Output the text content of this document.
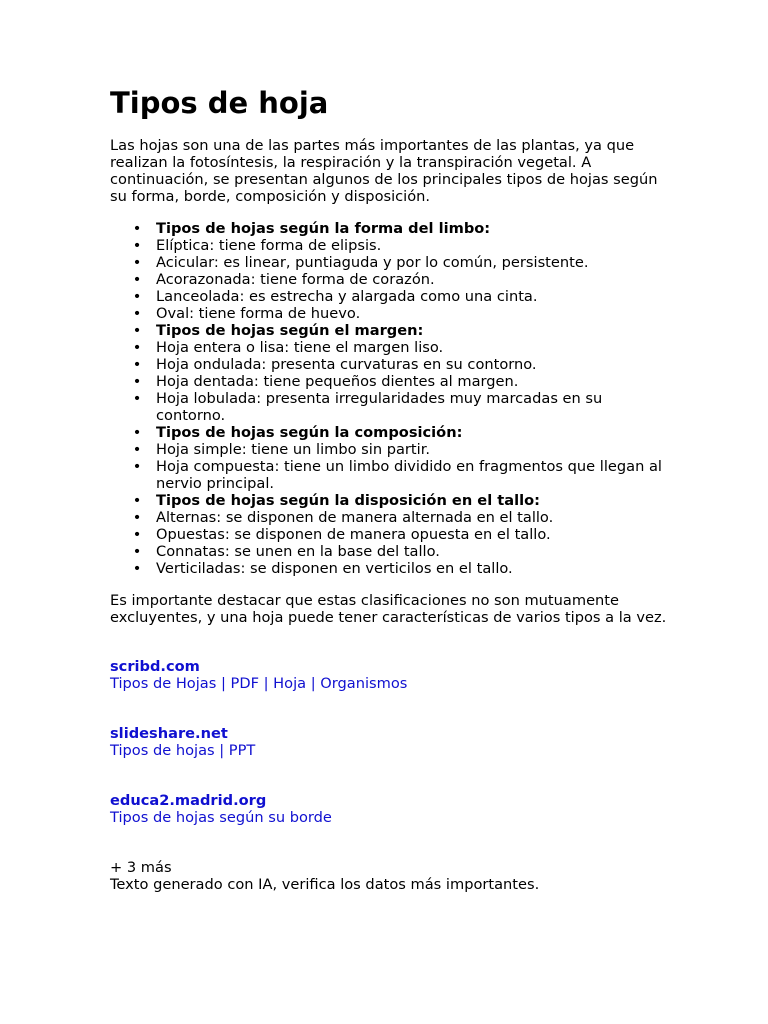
Tipos de hoja

Las hojas son una de las partes más importantes de las plantas, ya que realizan la fotosíntesis, la respiración y la transpiración vegetal. A continuación, se presentan algunos de los principales tipos de hojas según su forma, borde, composición y disposición.

• Tipos de hojas según la forma del limbo:
• Elíptica: tiene forma de elipsis.
• Acicular: es linear, puntiaguda y por lo común, persistente.
• Acorazonada: tiene forma de corazón.
• Lanceolada: es estrecha y alargada como una cinta.
• Oval: tiene forma de huevo.
• Tipos de hojas según el margen:
• Hoja entera o lisa: tiene el margen liso.
• Hoja ondulada: presenta curvaturas en su contorno.
• Hoja dentada: tiene pequeños dientes al margen.
• Hoja lobulada: presenta irregularidades muy marcadas en su contorno.
• Tipos de hojas según la composición:
• Hoja simple: tiene un limbo sin partir.
• Hoja compuesta: tiene un limbo dividido en fragmentos que llegan al nervio principal.
• Tipos de hojas según la disposición en el tallo:
• Alternas: se disponen de manera alternada en el tallo.
• Opuestas: se disponen de manera opuesta en el tallo.
• Connatas: se unen en la base del tallo.
• Verticiladas: se disponen en verticilos en el tallo.

Es importante destacar que estas clasificaciones no son mutuamente excluyentes, y una hoja puede tener características de varios tipos a la vez.

scribd.com
Tipos de Hojas | PDF | Hoja | Organismos
slideshare.net
Tipos de hojas | PPT
educa2.madrid.org
Tipos de hojas según su borde
+ 3 más
Texto generado con IA, verifica los datos más importantes.
